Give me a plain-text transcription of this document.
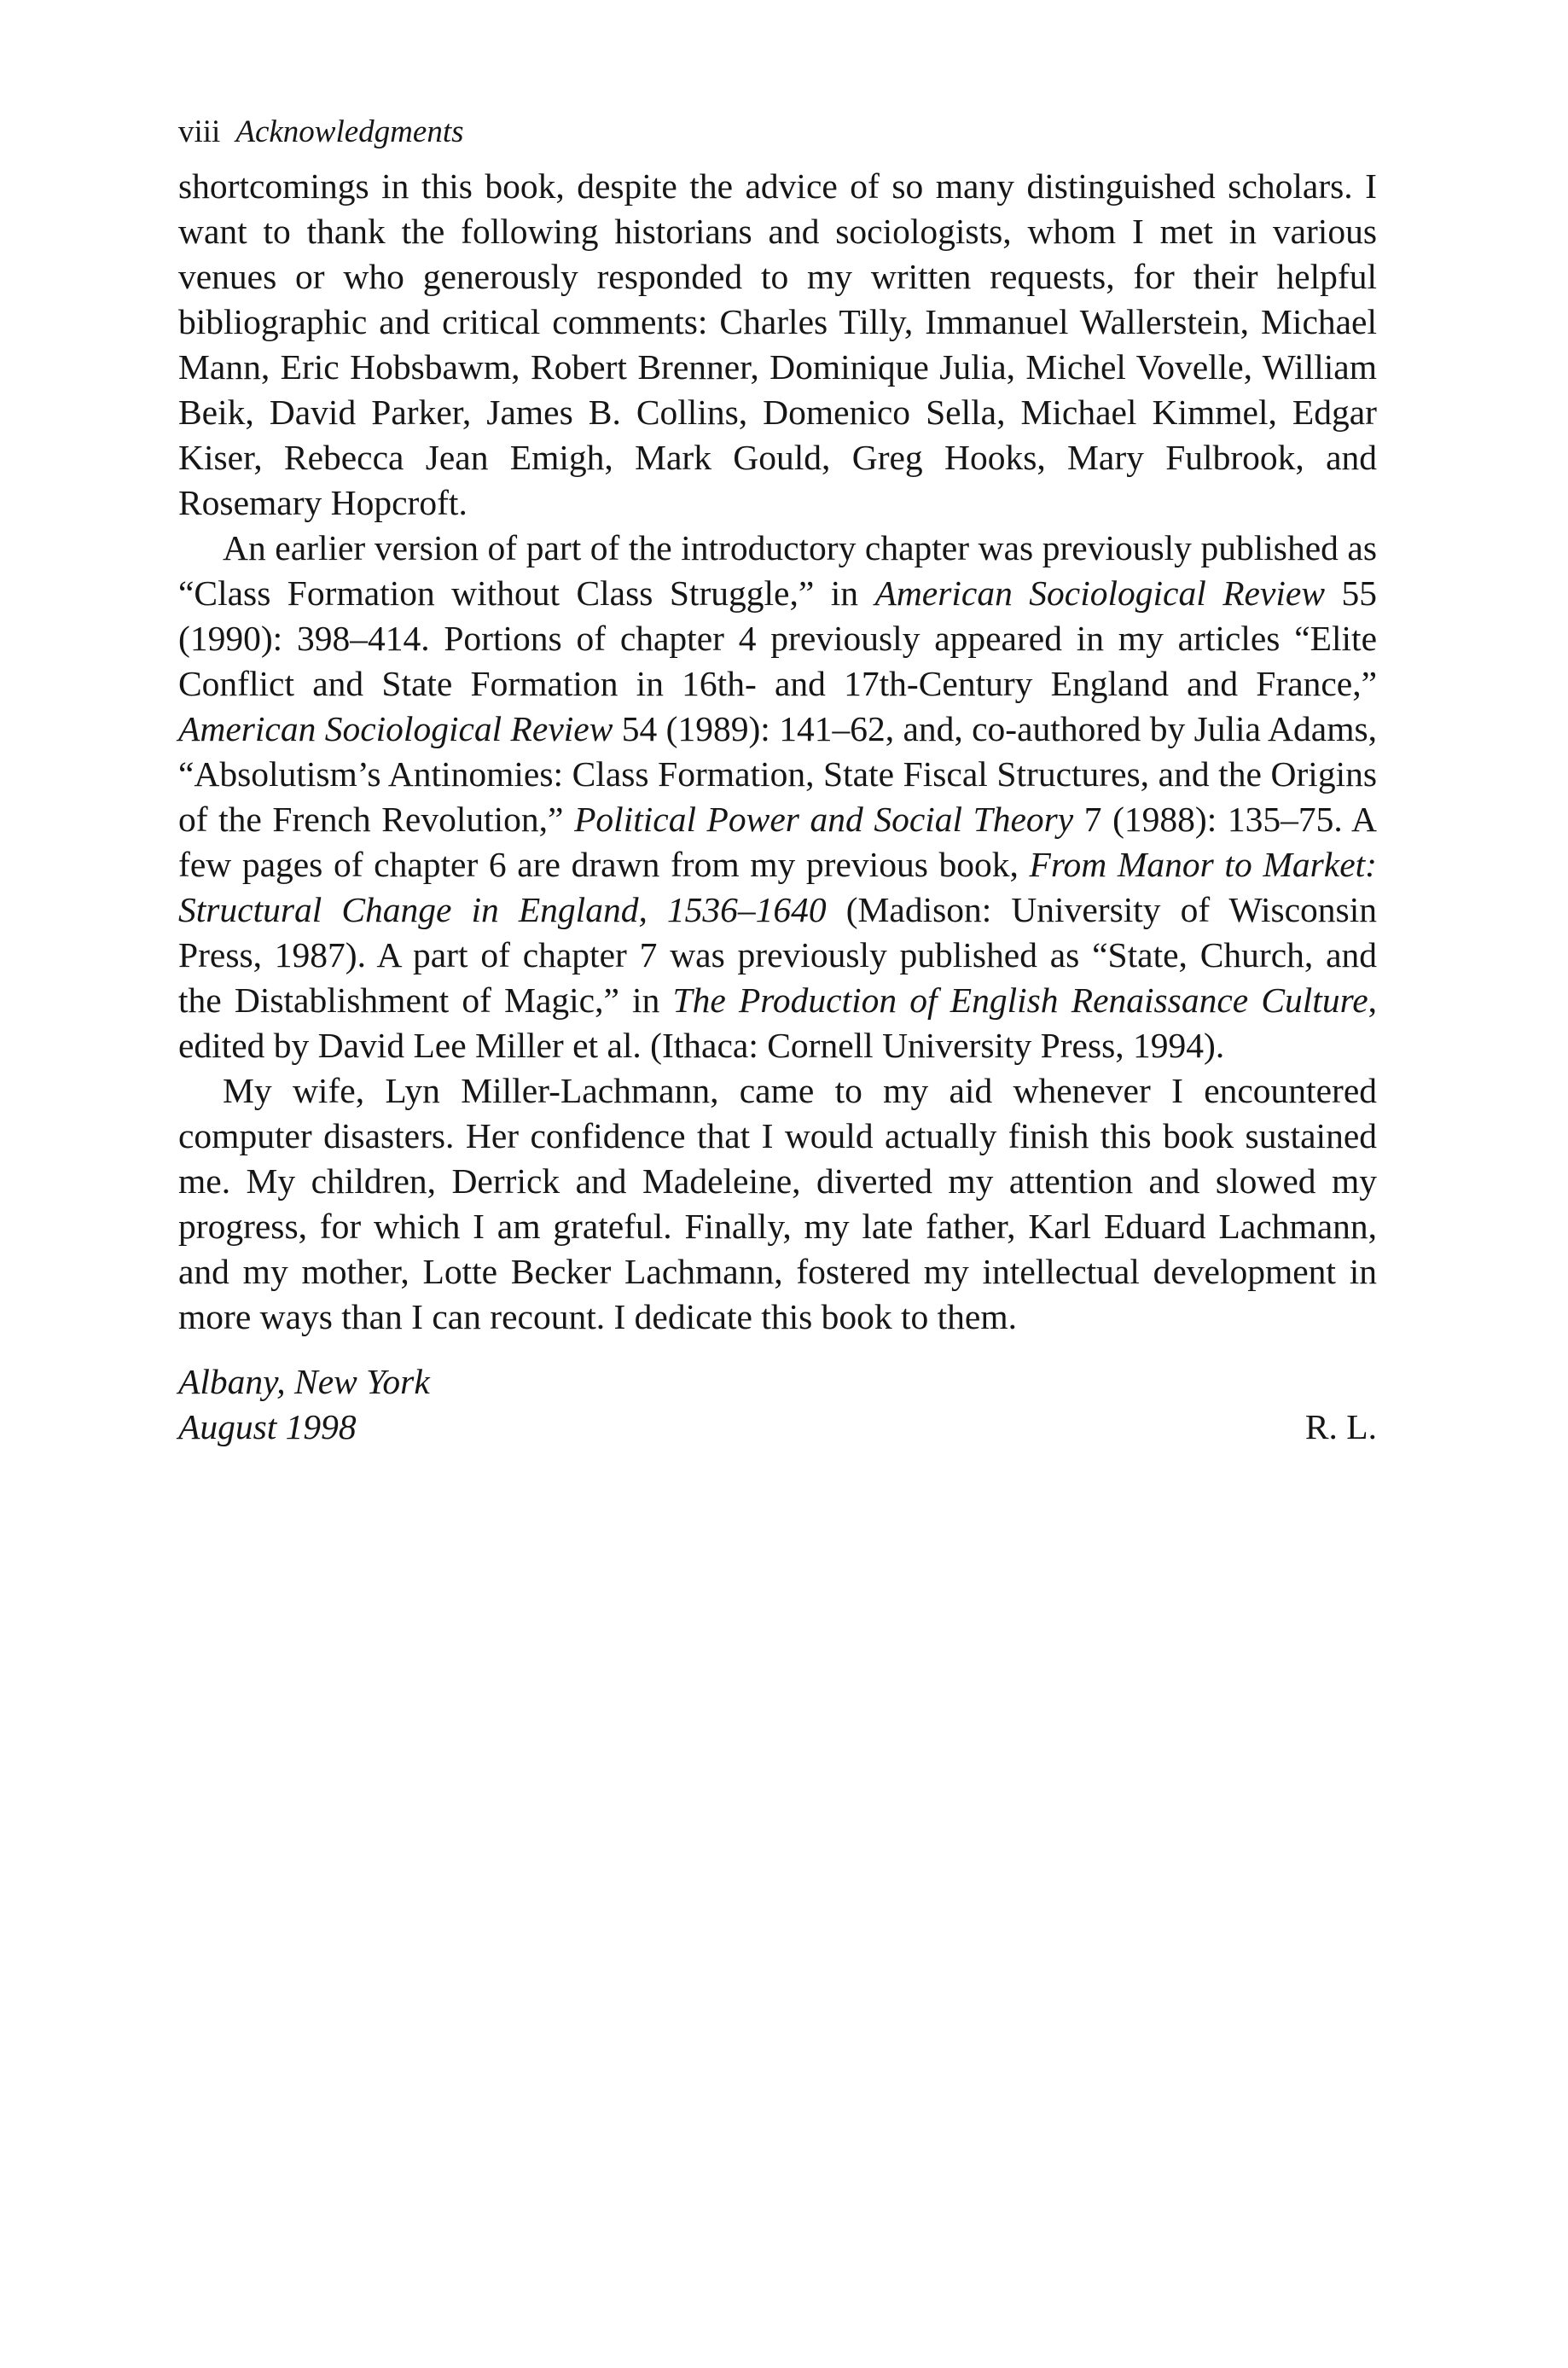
viii Acknowledgments

shortcomings in this book, despite the advice of so many distinguished scholars. I want to thank the following historians and sociologists, whom I met in various venues or who generously responded to my written requests, for their helpful bibliographic and critical comments: Charles Tilly, Immanuel Wallerstein, Michael Mann, Eric Hobsbawm, Robert Brenner, Dominique Julia, Michel Vovelle, William Beik, David Parker, James B. Collins, Domenico Sella, Michael Kimmel, Edgar Kiser, Rebecca Jean Emigh, Mark Gould, Greg Hooks, Mary Fulbrook, and Rosemary Hopcroft.

An earlier version of part of the introductory chapter was previously published as “Class Formation without Class Struggle,” in American Sociological Review 55 (1990): 398–414. Portions of chapter 4 previously appeared in my articles “Elite Conflict and State Formation in 16th- and 17th-Century England and France,” American Sociological Review 54 (1989): 141–62, and, co-authored by Julia Adams, “Absolutism’s Antinomies: Class Formation, State Fiscal Structures, and the Origins of the French Revolution,” Political Power and Social Theory 7 (1988): 135–75. A few pages of chapter 6 are drawn from my previous book, From Manor to Market: Structural Change in England, 1536–1640 (Madison: University of Wisconsin Press, 1987). A part of chapter 7 was previously published as “State, Church, and the Distablishment of Magic,” in The Production of English Renaissance Culture, edited by David Lee Miller et al. (Ithaca: Cornell University Press, 1994).

My wife, Lyn Miller-Lachmann, came to my aid whenever I encountered computer disasters. Her confidence that I would actually finish this book sustained me. My children, Derrick and Madeleine, diverted my attention and slowed my progress, for which I am grateful. Finally, my late father, Karl Eduard Lachmann, and my mother, Lotte Becker Lachmann, fostered my intellectual development in more ways than I can recount. I dedicate this book to them.

Albany, New York
August 1998	R. L.
